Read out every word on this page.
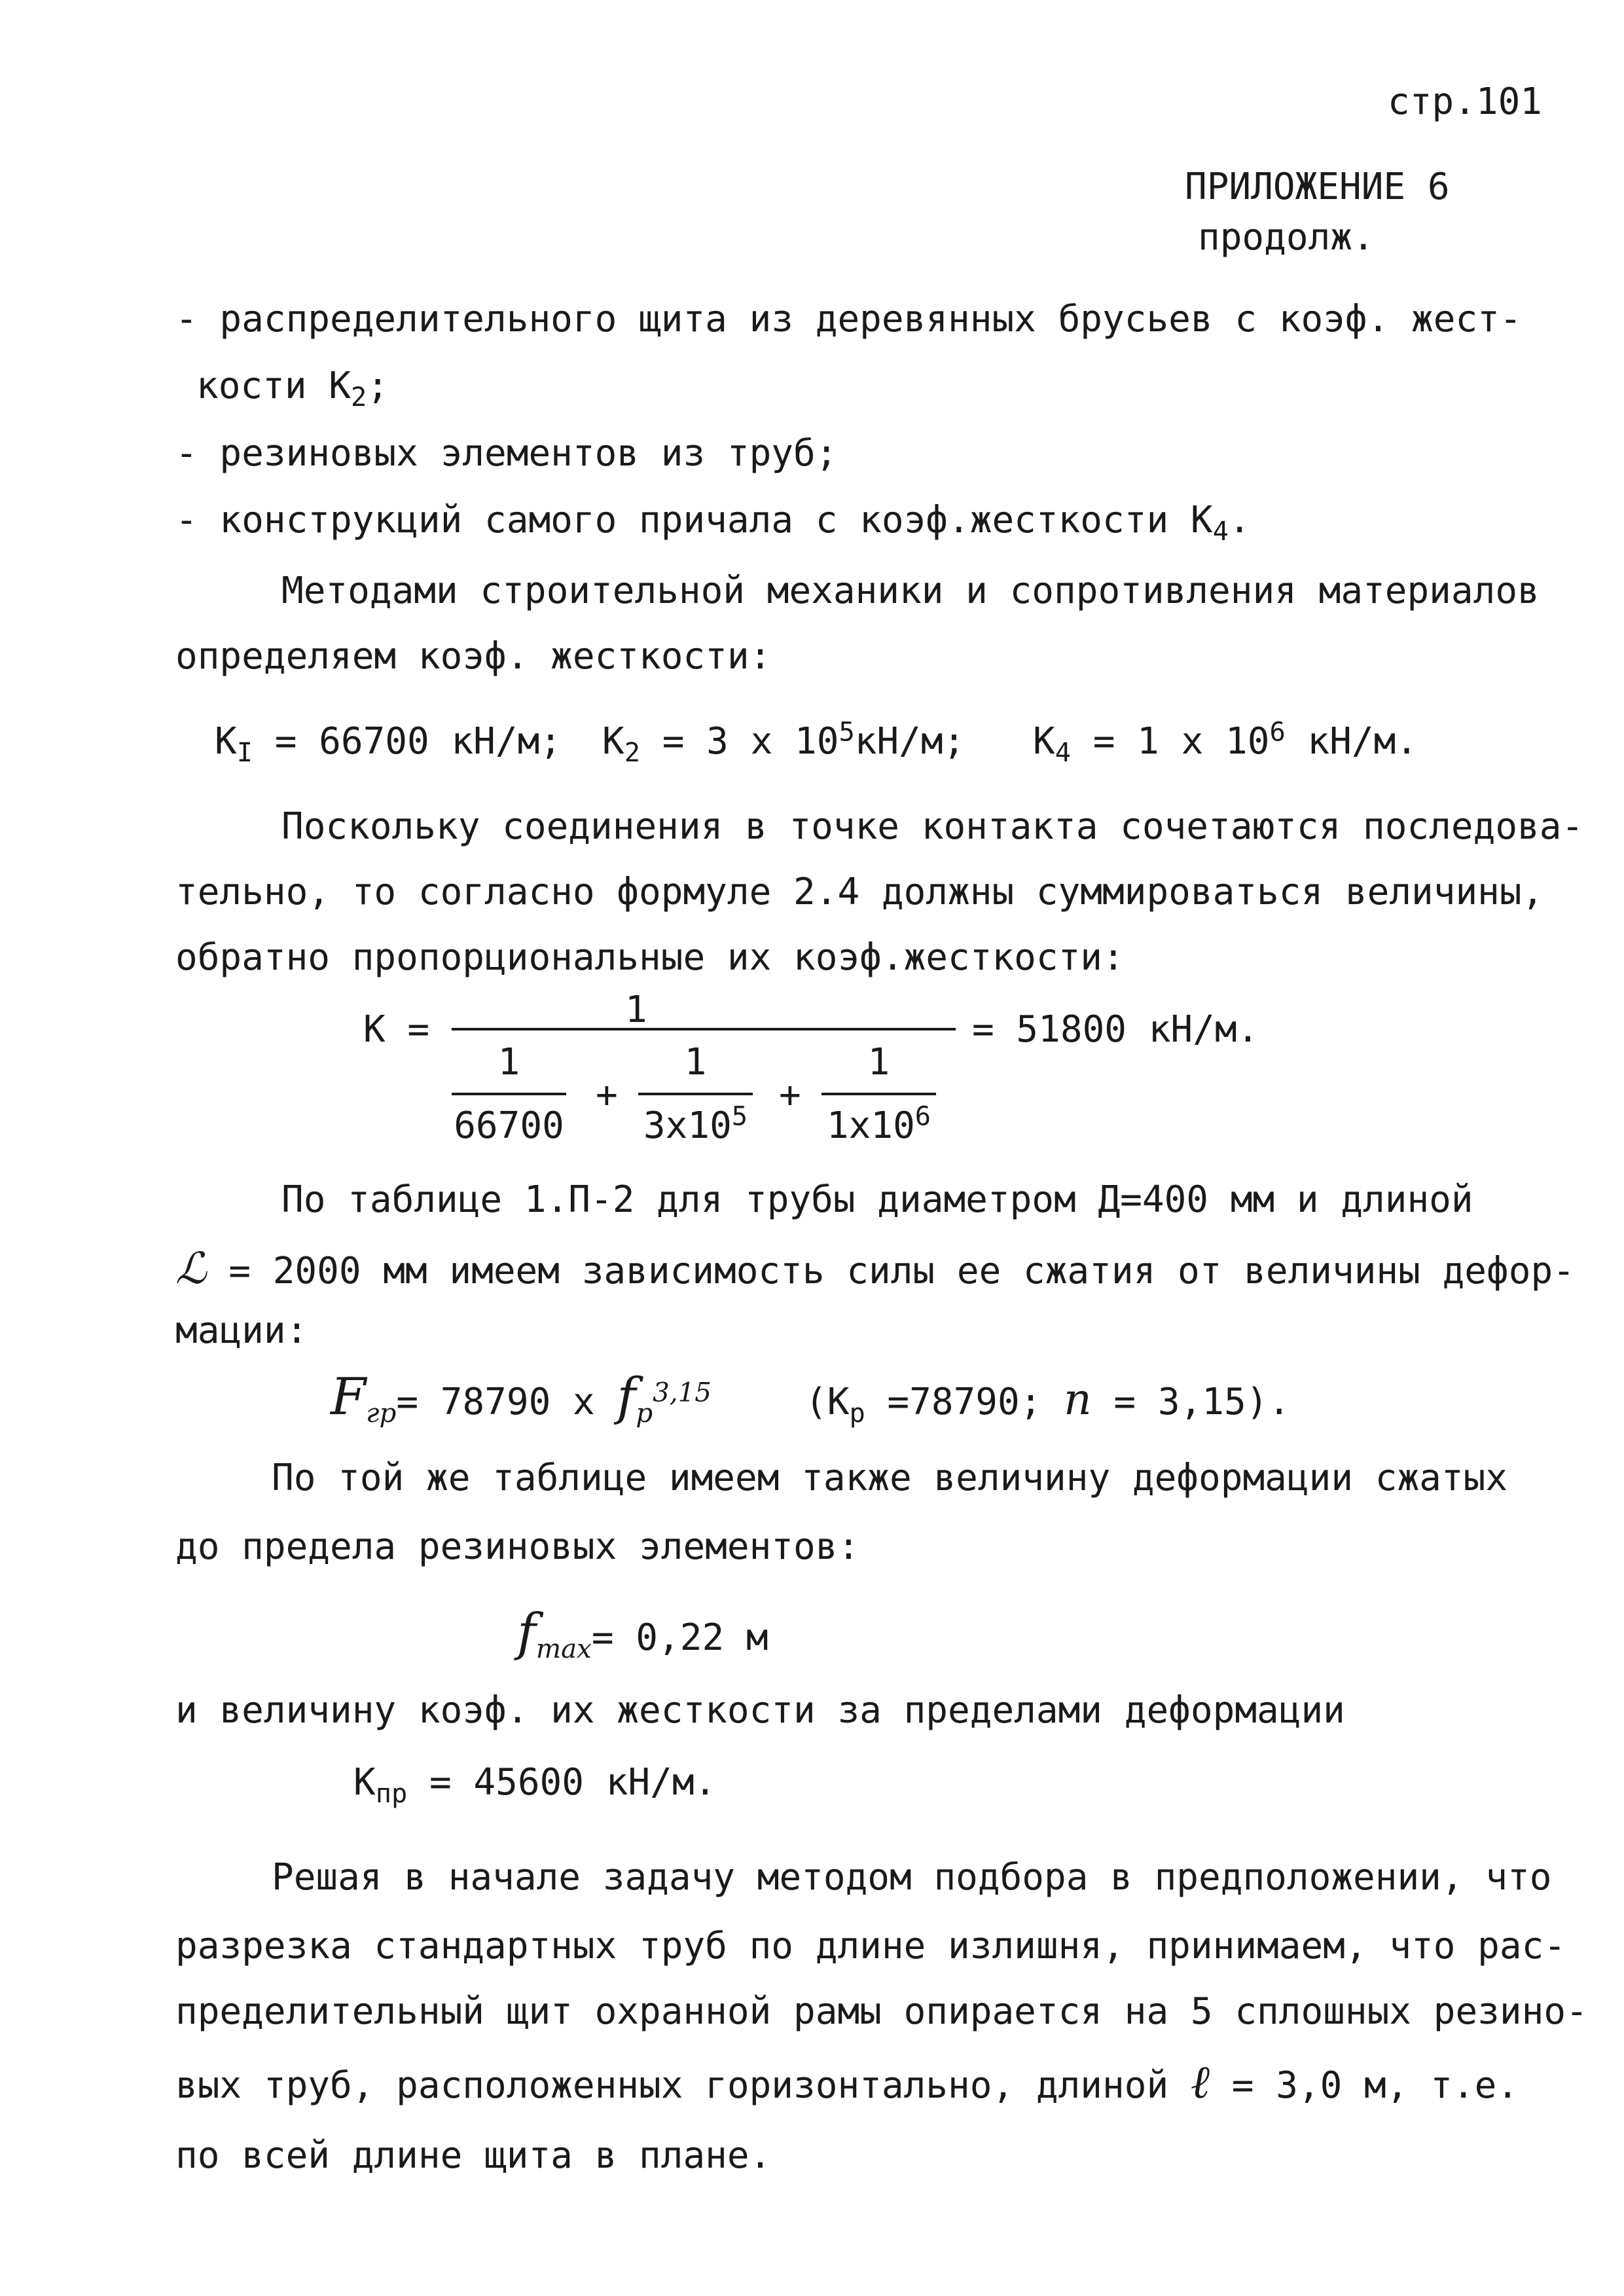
стр.101
ПРИЛОЖЕНИЕ 6
продолж.
- распределительного щита из деревянных брусьев с коэф. жест-
кости $К_2$;
- резиновых элементов из труб;
- конструкций самого причала с коэф.жесткости $К_4$.
Методами строительной механики и сопротивления материалов
определяем коэф. жесткости:
$К_I = 66700$ кН/м; $К_2 = 3$ x $10^5кН/м$; $К_4 = 1$ x $10^6$ кН/м.
Поскольку соединения в точке контакта сочетаются последова-
тельно, то согласно формуле 2.4 должны суммироваться величины,
обратно пропорциональные их коэф.жесткости:
К =	1
$\frac{1}{66700} + \frac{1}{3x10^5} + \frac{1}{1x10^6}$
= 51800 кН/м.
По таблице 1.П-2 для трубы диаметром Д=400 мм и длиной
ℒ = 2000 мм имеем зависимость силы ее сжатия от величины дефор-
мации:
$F_{гр}= 78790$ x $f_р^{3,15}$	($К_р =78790$; n = 3,15).
По той же таблице имеем также величину деформации сжатых
до предела резиновых элементов:
$f_{max}= 0,22$ м
и величину коэф. их жесткости за пределами деформации
$К_{пр} = 45600$ кН/м.
Решая в начале задачу методом подбора в предположении, что
разрезка стандартных труб по длине излишня, принимаем, что рас-
пределительный щит охранной рамы опирается на 5 сплошных резино-
вых труб, расположенных горизонтально, длиной ℓ = 3,0 м, т.е.
по всей длине щита в плане.
